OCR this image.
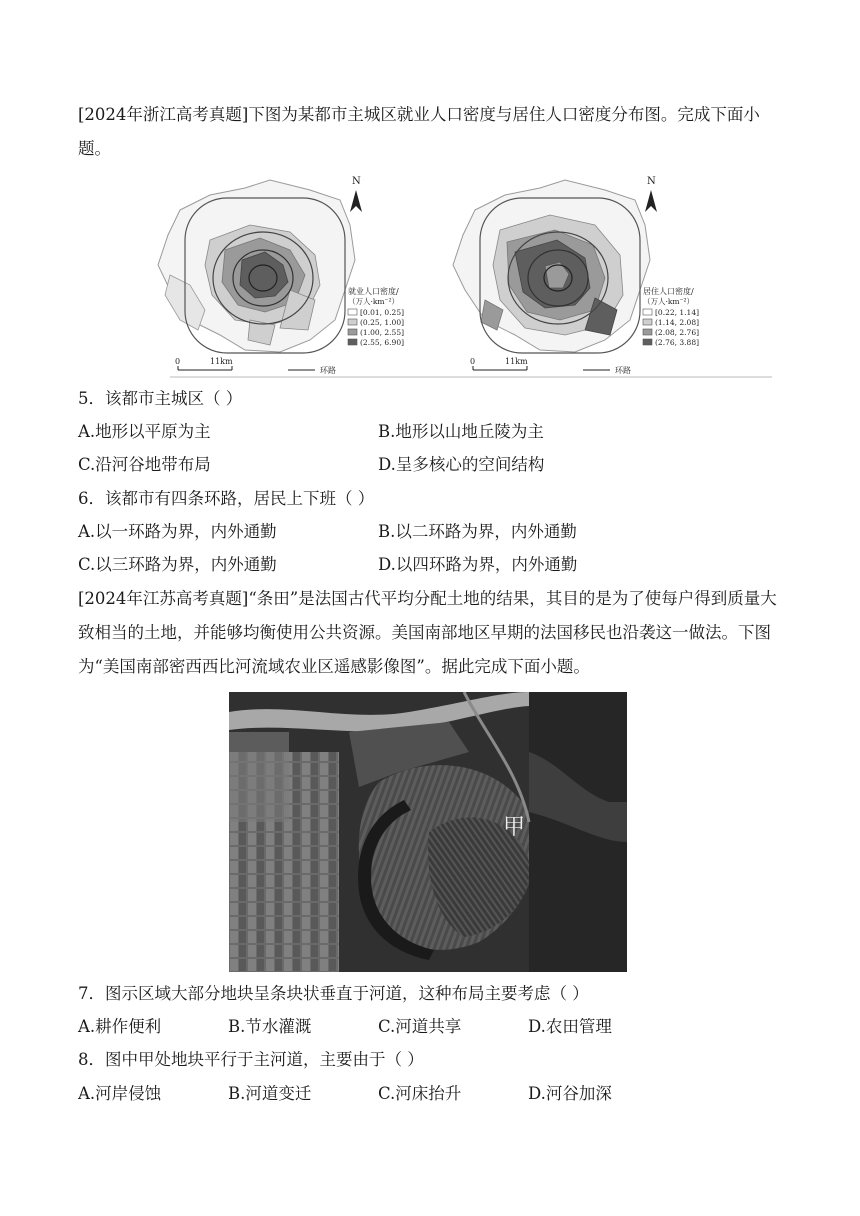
[2024年浙江高考真题]下图为某都市主城区就业人口密度与居住人口密度分布图。完成下面小题。

N
就业人口密度/
（万人·km⁻²）
[0.01, 0.25]
(0.25, 1.00]
(1.00, 2.55]
(2.55, 6.90]
0	11km
环路
N
居住人口密度/
（万人·km⁻²）
[0.22, 1.14]
(1.14, 2.08]
(2.08, 2.76]
(2.76, 3.88]
0	11km
环路
5．该都市主城区（ ）
A.地形以平原为主	B.地形以山地丘陵为主
C.沿河谷地带布局	D.呈多核心的空间结构
6．该都市有四条环路，居民上下班（ ）
A.以一环路为界，内外通勤	B.以二环路为界，内外通勤
C.以三环路为界，内外通勤	D.以四环路为界，内外通勤

[2024年江苏高考真题]“条田”是法国古代平均分配土地的结果，其目的是为了使每户得到质量大致相当的土地，并能够均衡使用公共资源。美国南部地区早期的法国移民也沿袭这一做法。下图为“美国南部密西西比河流域农业区遥感影像图”。据此完成下面小题。

甲
7．图示区域大部分地块呈条块状垂直于河道，这种布局主要考虑（ ）
A.耕作便利	B.节水灌溉	C.河道共享	D.农田管理
8．图中甲处地块平行于主河道，主要由于（ ）
A.河岸侵蚀	B.河道变迁	C.河床抬升	D.河谷加深
